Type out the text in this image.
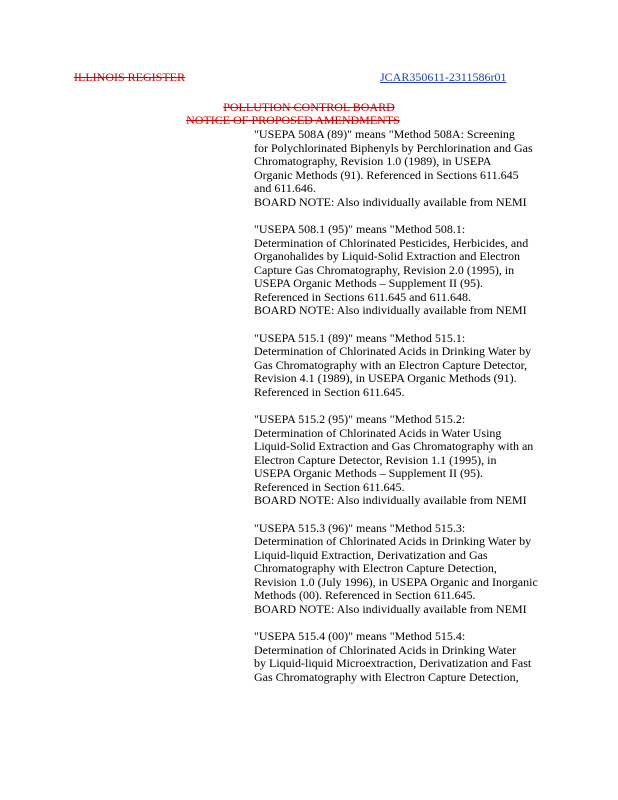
ILLINOIS REGISTER	JCAR350611-2311586r01
POLLUTION CONTROL BOARD
NOTICE OF PROPOSED AMENDMENTS
"USEPA 508A (89)" means "Method 508A: Screening
for Polychlorinated Biphenyls by Perchlorination and Gas
Chromatography, Revision 1.0 (1989), in USEPA
Organic Methods (91). Referenced in Sections 611.645
and 611.646.
BOARD NOTE: Also individually available from NEMI
"USEPA 508.1 (95)" means "Method 508.1:
Determination of Chlorinated Pesticides, Herbicides, and
Organohalides by Liquid-Solid Extraction and Electron
Capture Gas Chromatography, Revision 2.0 (1995), in
USEPA Organic Methods – Supplement II (95).
Referenced in Sections 611.645 and 611.648.
BOARD NOTE: Also individually available from NEMI
"USEPA 515.1 (89)" means "Method 515.1:
Determination of Chlorinated Acids in Drinking Water by
Gas Chromatography with an Electron Capture Detector,
Revision 4.1 (1989), in USEPA Organic Methods (91).
Referenced in Section 611.645.
"USEPA 515.2 (95)" means "Method 515.2:
Determination of Chlorinated Acids in Water Using
Liquid-Solid Extraction and Gas Chromatography with an
Electron Capture Detector, Revision 1.1 (1995), in
USEPA Organic Methods – Supplement II (95).
Referenced in Section 611.645.
BOARD NOTE: Also individually available from NEMI
"USEPA 515.3 (96)" means "Method 515.3:
Determination of Chlorinated Acids in Drinking Water by
Liquid-liquid Extraction, Derivatization and Gas
Chromatography with Electron Capture Detection,
Revision 1.0 (July 1996), in USEPA Organic and Inorganic
Methods (00). Referenced in Section 611.645.
BOARD NOTE: Also individually available from NEMI
"USEPA 515.4 (00)" means "Method 515.4:
Determination of Chlorinated Acids in Drinking Water
by Liquid-liquid Microextraction, Derivatization and Fast
Gas Chromatography with Electron Capture Detection,
